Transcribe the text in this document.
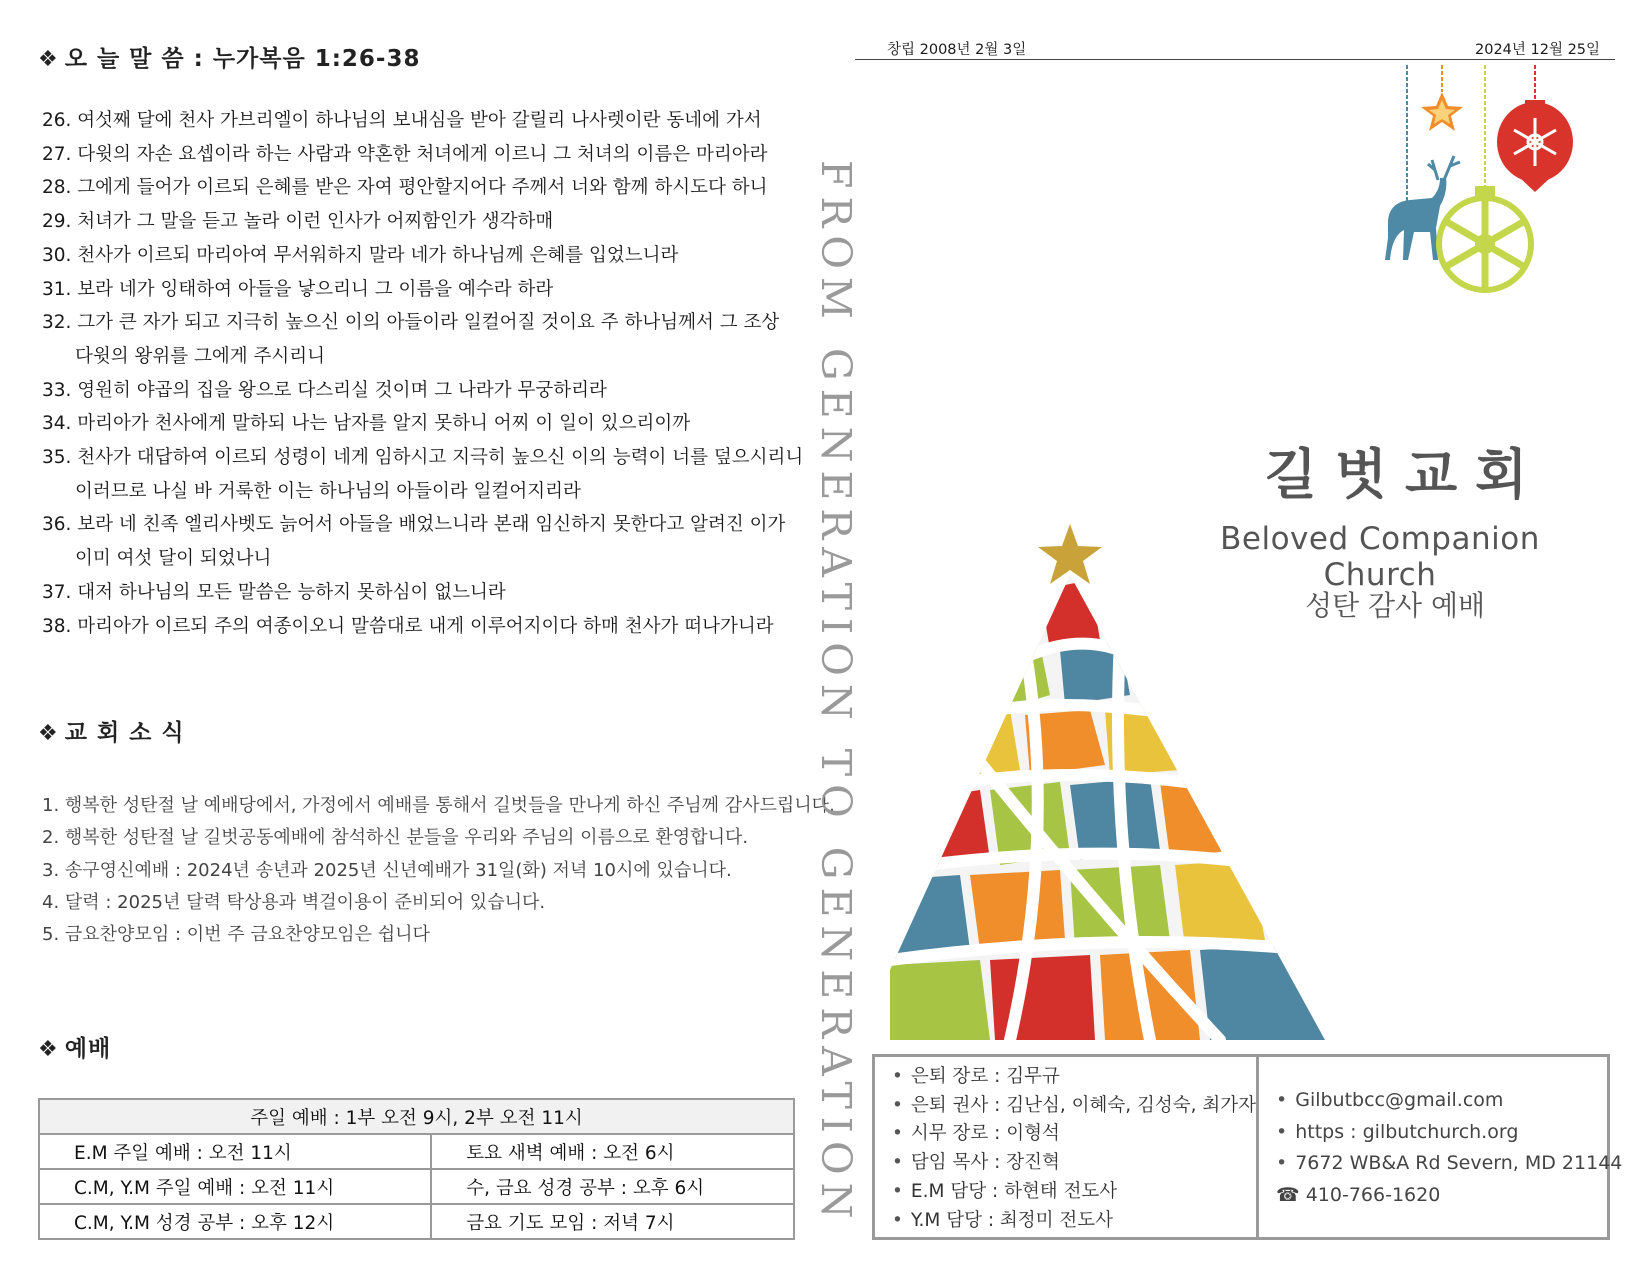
❖ 오 늘 말 씀 : 누가복음 1:26-38
26. 여섯째 달에 천사 가브리엘이 하나님의 보내심을 받아 갈릴리 나사렛이란 동네에 가서
27. 다윗의 자손 요셉이라 하는 사람과 약혼한 처녀에게 이르니 그 처녀의 이름은 마리아라
28. 그에게 들어가 이르되 은혜를 받은 자여 평안할지어다 주께서 너와 함께 하시도다 하니
29. 처녀가 그 말을 듣고 놀라 이런 인사가 어찌함인가 생각하매
30. 천사가 이르되 마리아여 무서워하지 말라 네가 하나님께 은혜를 입었느니라
31. 보라 네가 잉태하여 아들을 낳으리니 그 이름을 예수라 하라
32. 그가 큰 자가 되고 지극히 높으신 이의 아들이라 일컬어질 것이요 주 하나님께서 그 조상
다윗의 왕위를 그에게 주시리니
33. 영원히 야곱의 집을 왕으로 다스리실 것이며 그 나라가 무궁하리라
34. 마리아가 천사에게 말하되 나는 남자를 알지 못하니 어찌 이 일이 있으리이까
35. 천사가 대답하여 이르되 성령이 네게 임하시고 지극히 높으신 이의 능력이 너를 덮으시리니
이러므로 나실 바 거룩한 이는 하나님의 아들이라 일컬어지리라
36. 보라 네 친족 엘리사벳도 늙어서 아들을 배었느니라 본래 임신하지 못한다고 알려진 이가
이미 여섯 달이 되었나니
37. 대저 하나님의 모든 말씀은 능하지 못하심이 없느니라
38. 마리아가 이르되 주의 여종이오니 말씀대로 내게 이루어지이다 하매 천사가 떠나가니라
❖ 교 회 소 식
1. 행복한 성탄절 날 예배당에서, 가정에서 예배를 통해서 길벗들을 만나게 하신 주님께 감사드립니다.
2. 행복한 성탄절 날 길벗공동예배에 참석하신 분들을 우리와 주님의 이름으로 환영합니다.
3. 송구영신예배 : 2024년 송년과 2025년 신년예배가 31일(화) 저녁 10시에 있습니다.
4. 달력 : 2025년 달력 탁상용과 벽걸이용이 준비되어 있습니다.
5. 금요찬양모임 : 이번 주 금요찬양모임은 쉽니다
❖ 예배
주일 예배 : 1부 오전 9시, 2부 오전 11시	
E.M 주일 예배 : 오전 11시	토요 새벽 예배 : 오전 6시
C.M, Y.M 주일 예배 : 오전 11시	수, 금요 성경 공부 : 오후 6시
C.M, Y.M 성경 공부 : 오후 12시	금요 기도 모임 : 저녁 7시	FROM GENERATION TO GENERATION
창립 2008년 2월 3일	2024년 12월 25일
길벗교회
Beloved Companion Church
성탄 감사 예배
• 은퇴 장로 : 김무규
• 은퇴 권사 : 김난심, 이혜숙, 김성숙, 최가자
• 시무 장로 : 이형석
• 담임 목사 : 장진혁
• E.M 담당 : 하현태 전도사
• Y.M 담당 : 최정미 전도사
• Gilbutbcc@gmail.com
• https : gilbutchurch.org
• 7672 WB&A Rd Severn, MD 21144
☎ 410-766-1620
